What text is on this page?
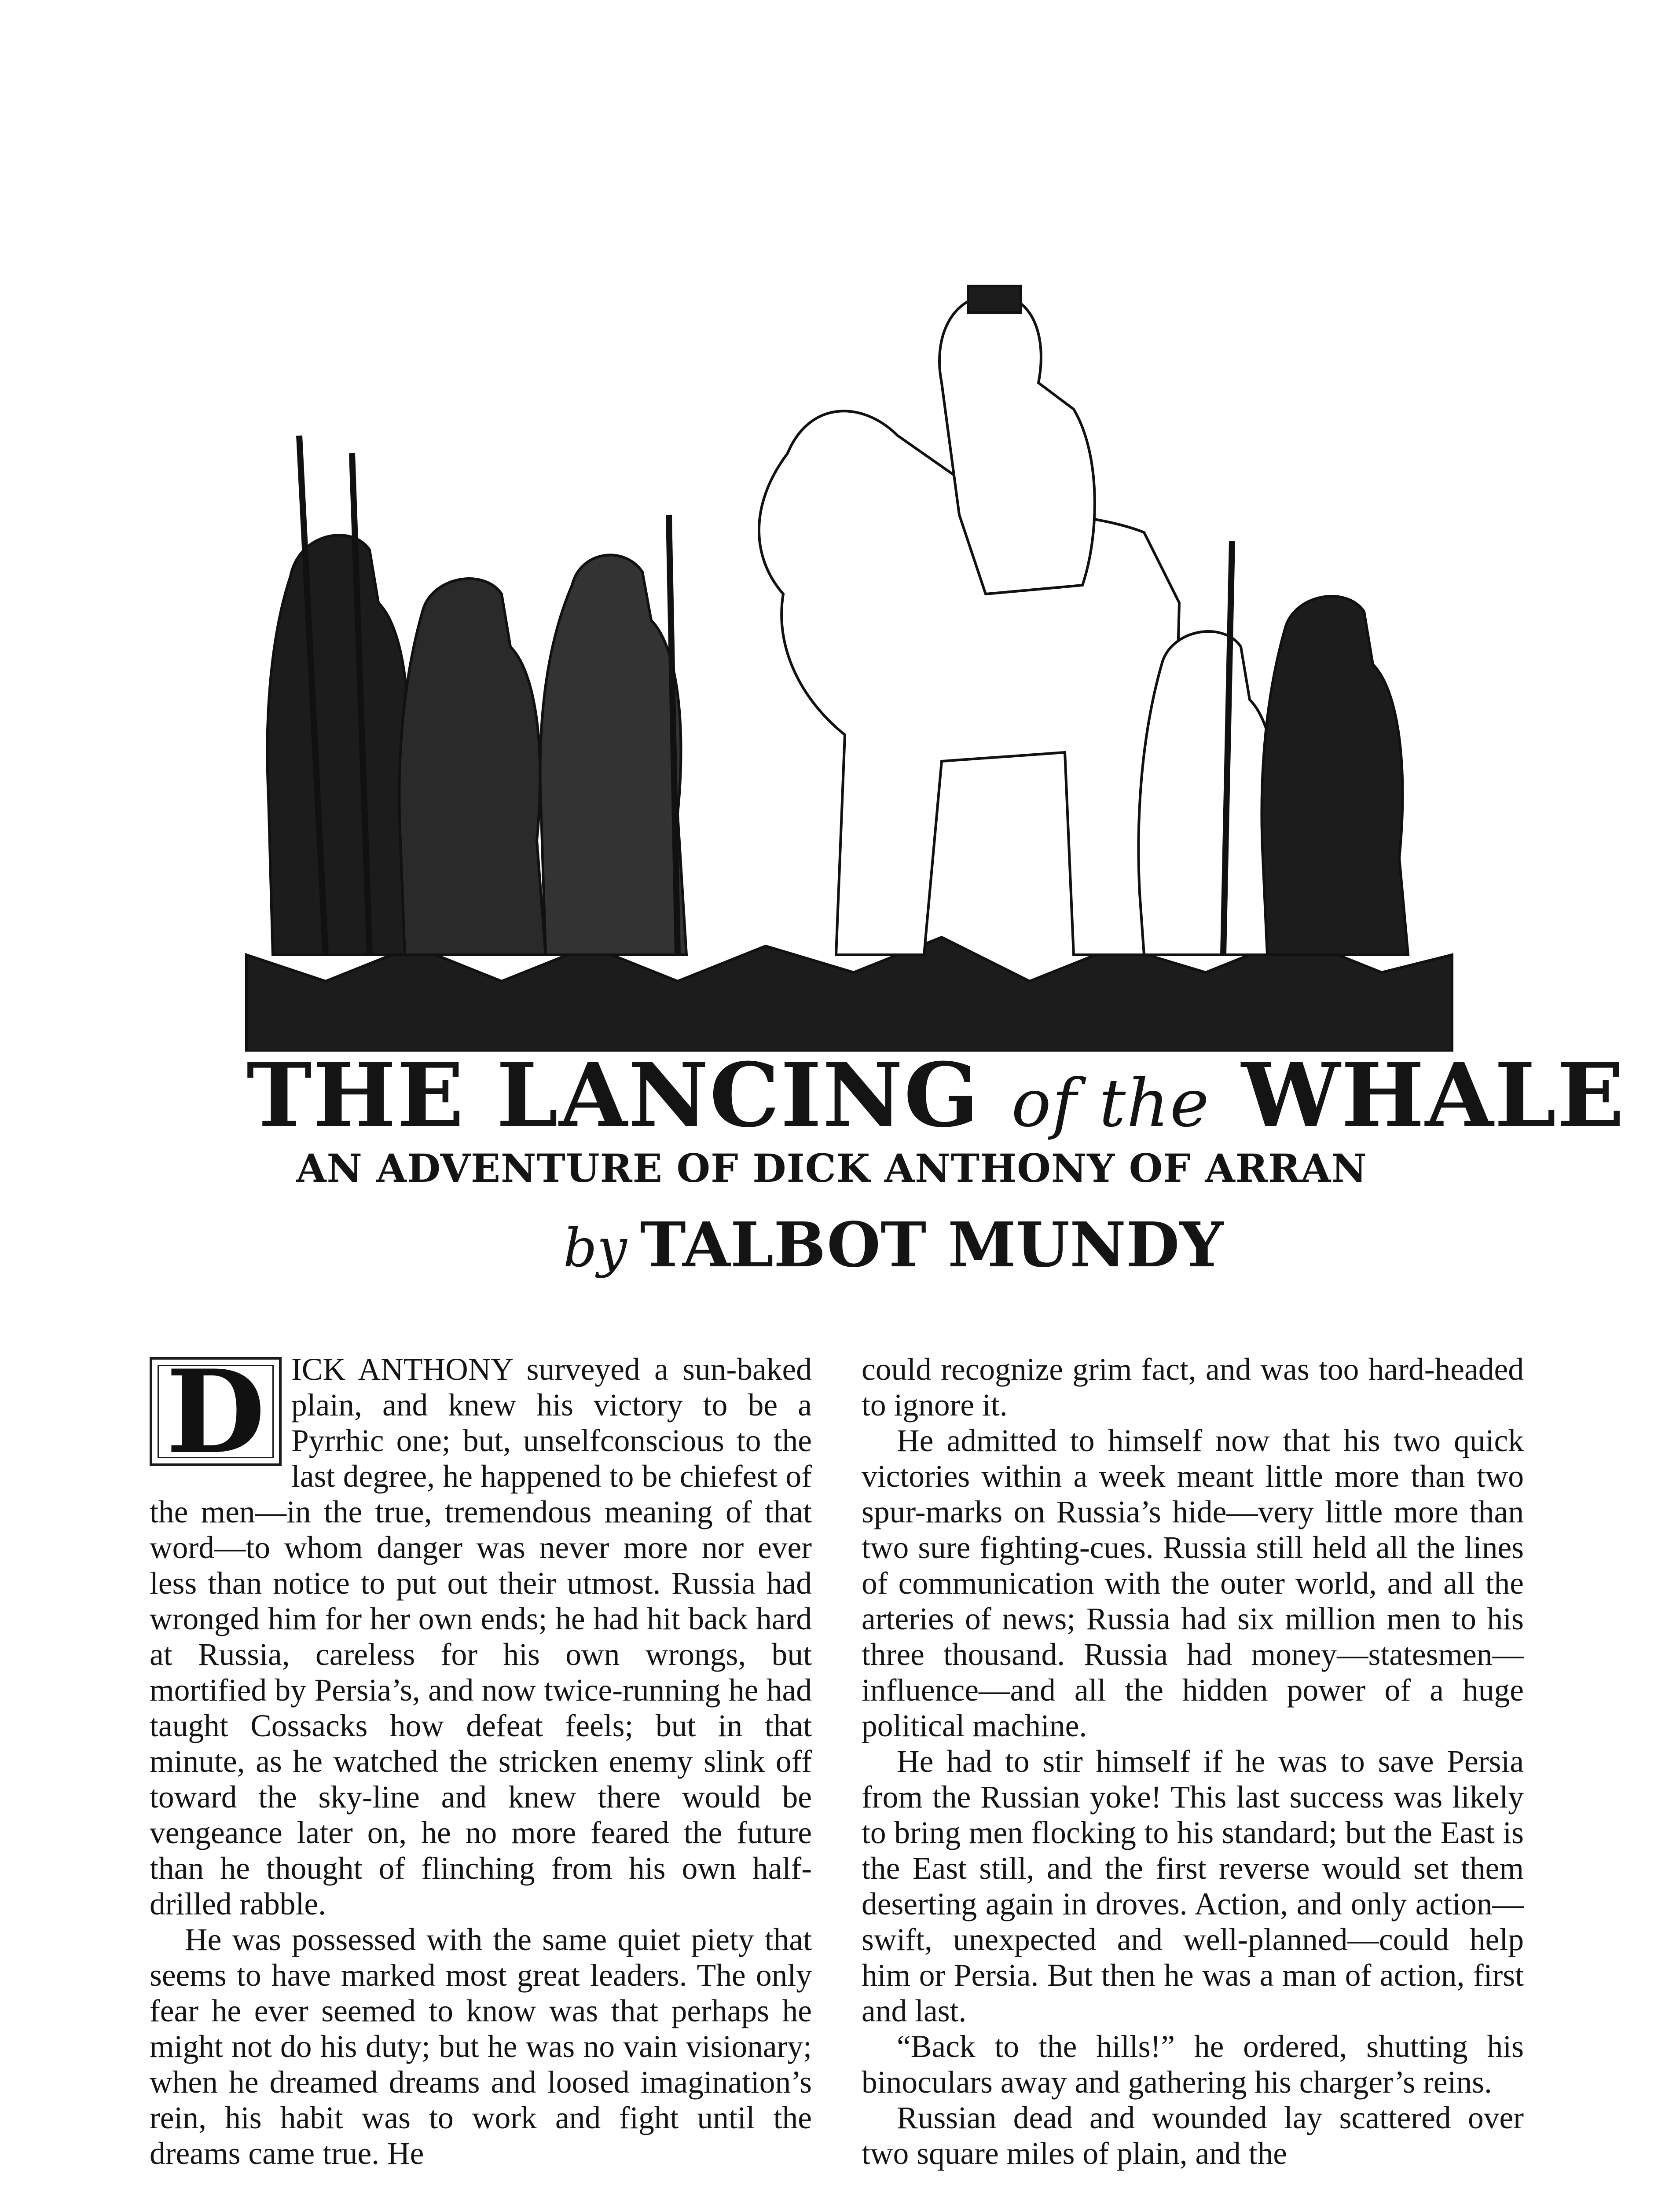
THE LANCING of the WHALE
AN ADVENTURE OF DICK ANTHONY OF ARRAN
by TALBOT MUNDY
D ICK ANTHONY surveyed a sun-baked plain, and knew his victory to be a Pyrrhic one; but, unselfconscious to the last degree, he happened to be chiefest of the men—in the true, tremendous meaning of that word—to whom danger was never more nor ever less than notice to put out their utmost. Russia had wronged him for her own ends; he had hit back hard at Russia, careless for his own wrongs, but mortified by Persia’s, and now twice-running he had taught Cossacks how defeat feels; but in that minute, as he watched the stricken enemy slink off toward the sky-line and knew there would be vengeance later on, he no more feared the future than he thought of flinching from his own half-drilled rabble.

He was possessed with the same quiet piety that seems to have marked most great leaders. The only fear he ever seemed to know was that perhaps he might not do his duty; but he was no vain visionary; when he dreamed dreams and loosed imagination’s rein, his habit was to work and fight until the dreams came true. He

could recognize grim fact, and was too hard-headed to ignore it.

He admitted to himself now that his two quick victories within a week meant little more than two spur-marks on Russia’s hide—very little more than two sure fighting-cues. Russia still held all the lines of communication with the outer world, and all the arteries of news; Russia had six million men to his three thousand. Russia had money—statesmen—influence—and all the hidden power of a huge political machine.

He had to stir himself if he was to save Persia from the Russian yoke! This last success was likely to bring men flocking to his standard; but the East is the East still, and the first reverse would set them deserting again in droves. Action, and only action—swift, unexpected and well-planned—could help him or Persia. But then he was a man of action, first and last.

“Back to the hills!” he ordered, shutting his binoculars away and gathering his charger’s reins.

Russian dead and wounded lay scattered over two square miles of plain, and the
